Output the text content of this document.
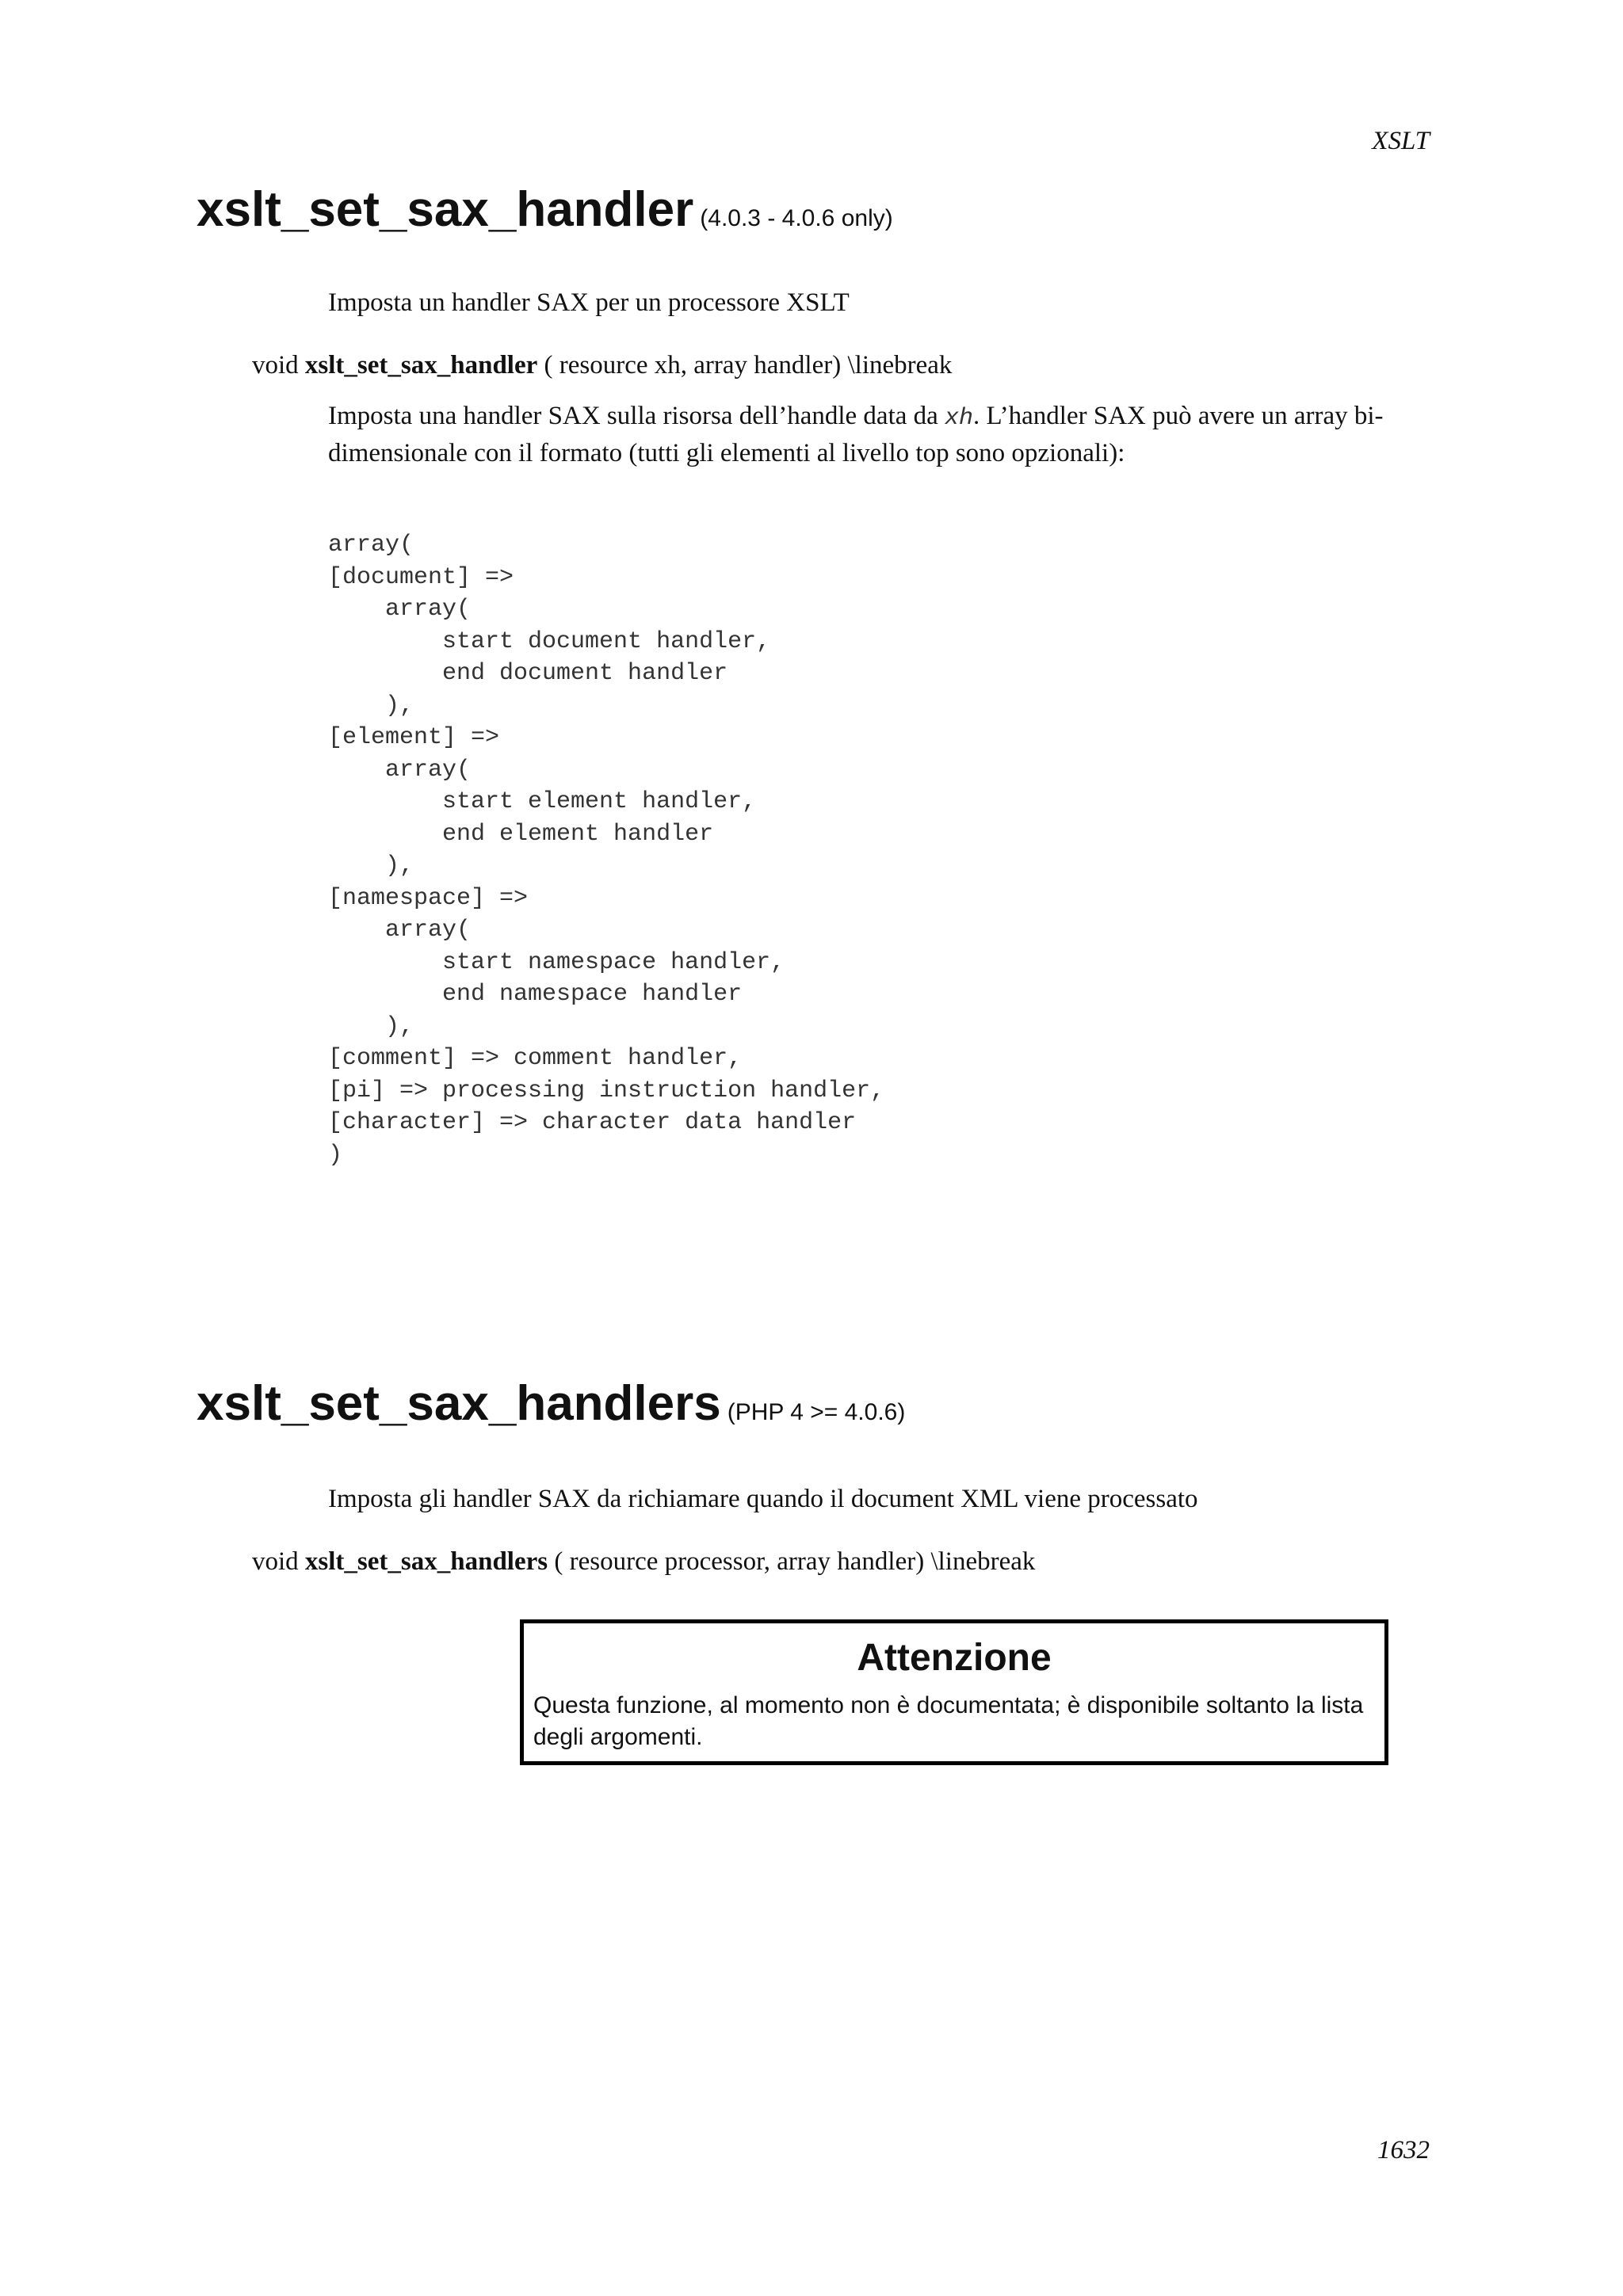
XSLT
xslt_set_sax_handler (4.0.3 - 4.0.6 only)
Imposta un handler SAX per un processore XSLT
void xslt_set_sax_handler ( resource xh, array handler) \linebreak

Imposta una handler SAX sulla risorsa dell’handle data da xh. L’handler SAX può avere un array bi-dimensionale con il formato (tutti gli elementi al livello top sono opzionali):

array(
[document] =>
array(
start document handler,
end document handler
),
[element] =>
array(
start element handler,
end element handler
),
[namespace] =>
array(
start namespace handler,
end namespace handler
),
[comment] => comment handler,
[pi] => processing instruction handler,
[character] => character data handler
)
xslt_set_sax_handlers (PHP 4 >= 4.0.6)
Imposta gli handler SAX da richiamare quando il document XML viene processato
void xslt_set_sax_handlers ( resource processor, array handler) \linebreak
Attenzione
Questa funzione, al momento non è documentata; è disponibile soltanto la lista degli argomenti.
1632
